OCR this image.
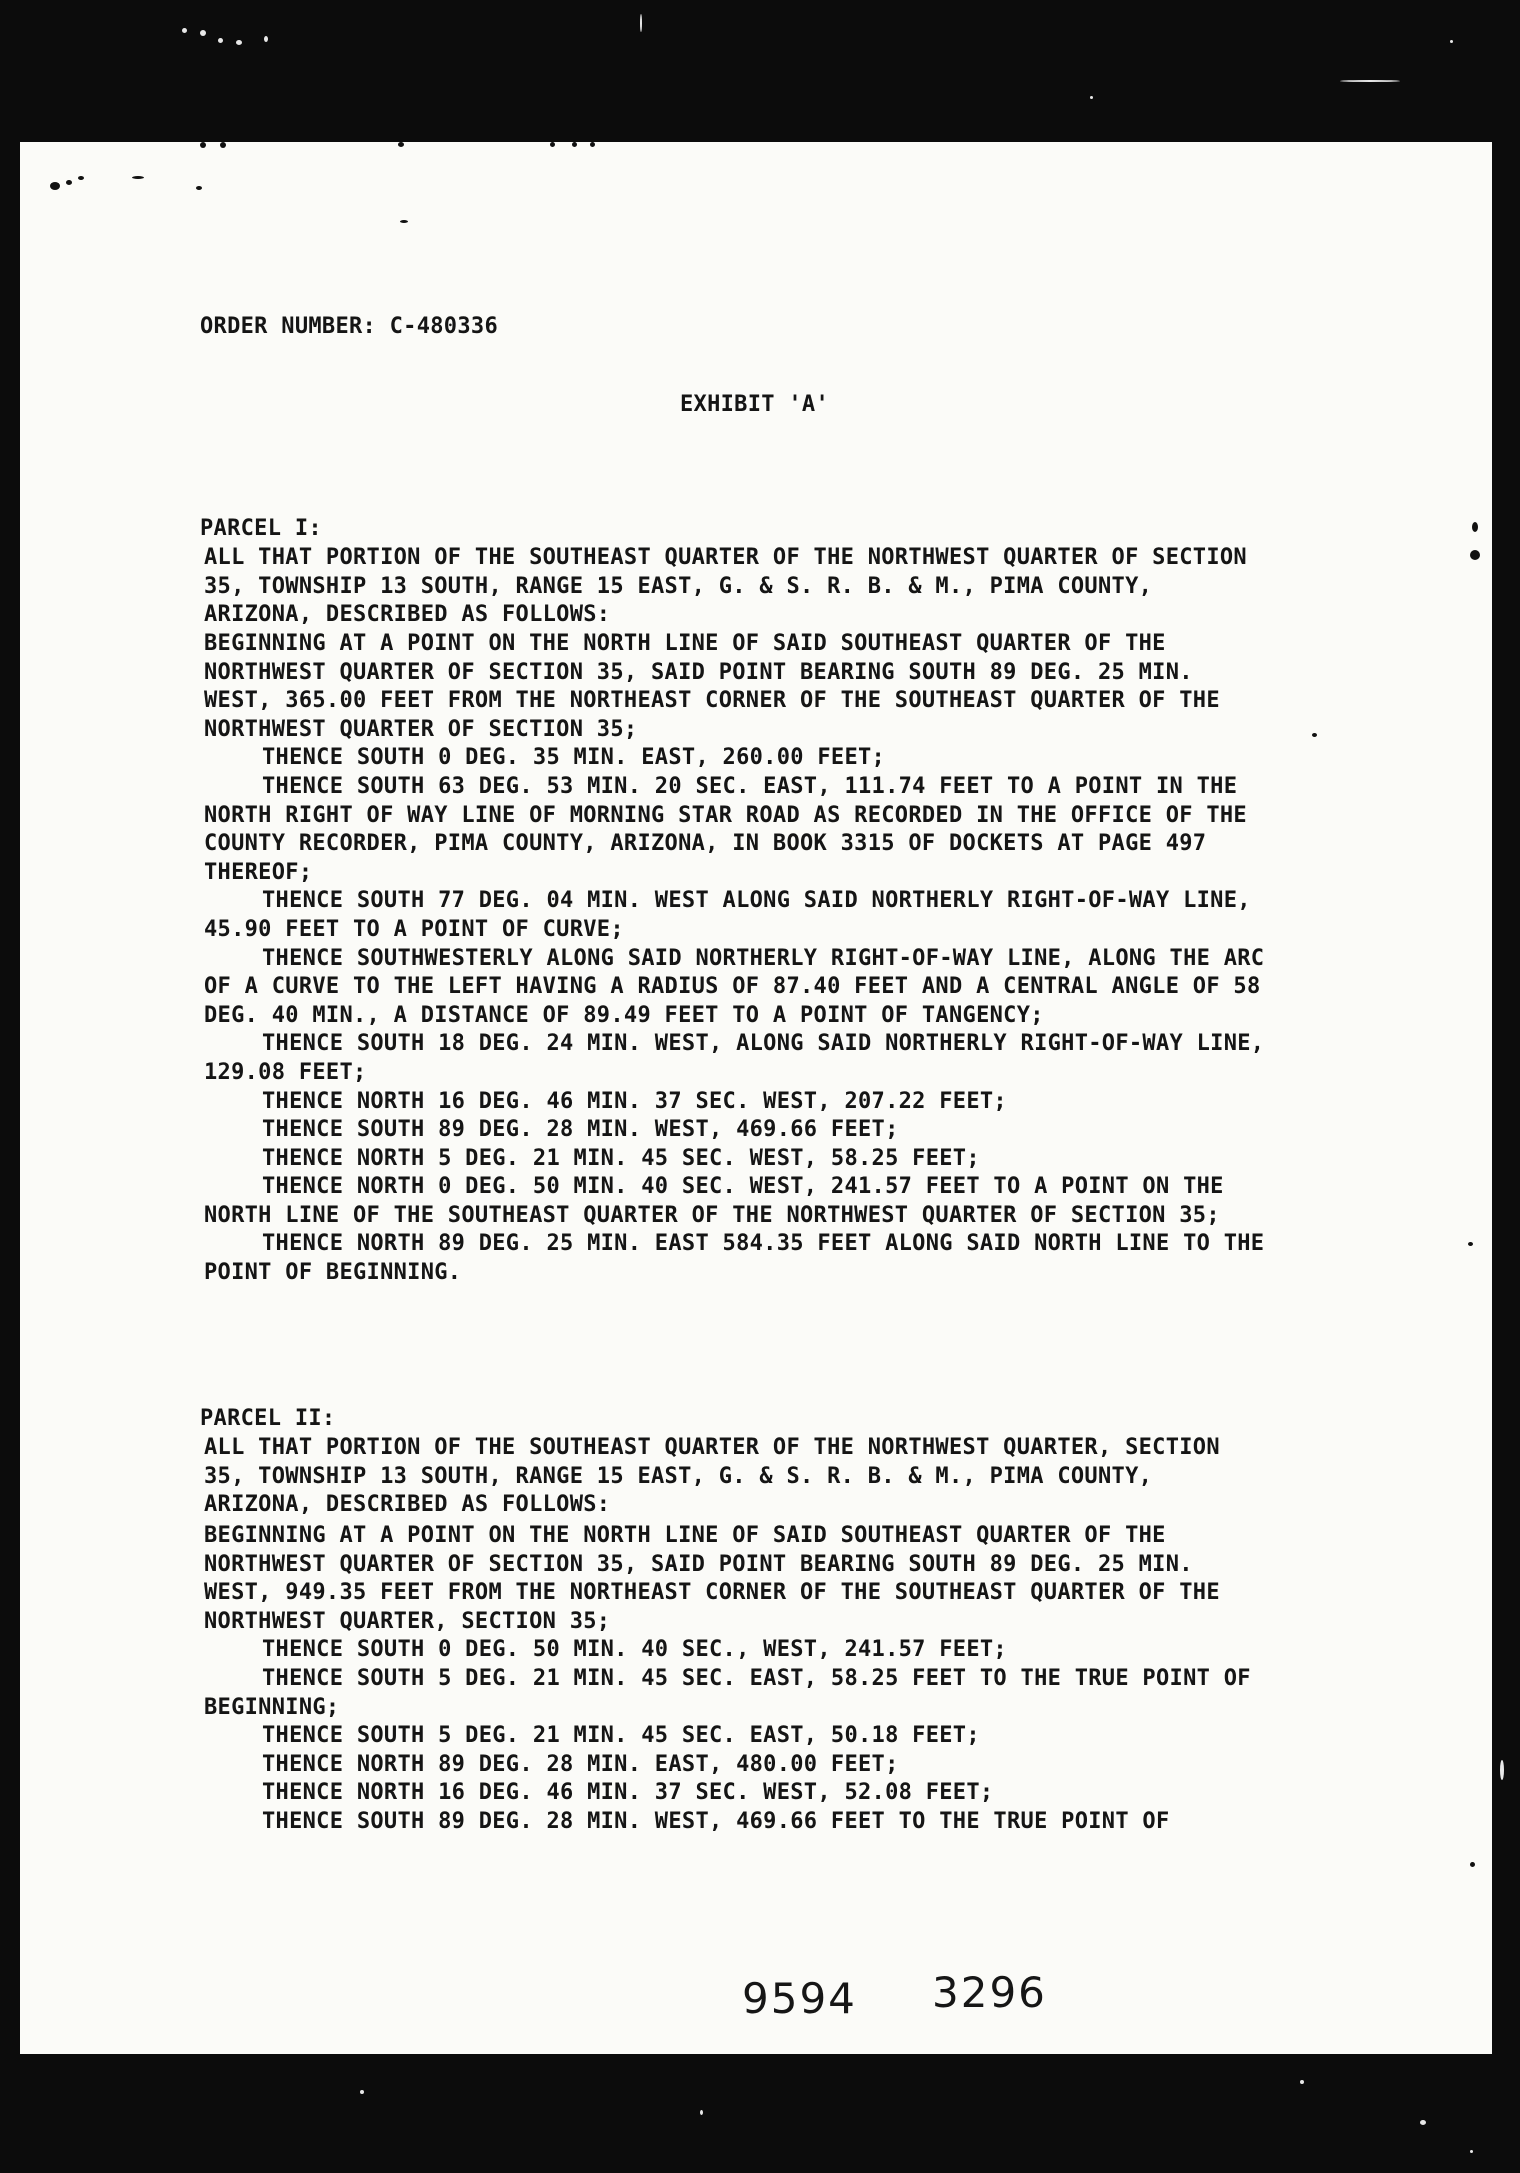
ORDER NUMBER: C-480336
EXHIBIT 'A'
PARCEL I:
ALL THAT PORTION OF THE SOUTHEAST QUARTER OF THE NORTHWEST QUARTER OF SECTION
35, TOWNSHIP 13 SOUTH, RANGE 15 EAST, G. & S. R. B. & M., PIMA COUNTY,
ARIZONA, DESCRIBED AS FOLLOWS:
BEGINNING AT A POINT ON THE NORTH LINE OF SAID SOUTHEAST QUARTER OF THE
NORTHWEST QUARTER OF SECTION 35, SAID POINT BEARING SOUTH 89 DEG. 25 MIN.
WEST, 365.00 FEET FROM THE NORTHEAST CORNER OF THE SOUTHEAST QUARTER OF THE
NORTHWEST QUARTER OF SECTION 35;
THENCE SOUTH 0 DEG. 35 MIN. EAST, 260.00 FEET;
THENCE SOUTH 63 DEG. 53 MIN. 20 SEC. EAST, 111.74 FEET TO A POINT IN THE
NORTH RIGHT OF WAY LINE OF MORNING STAR ROAD AS RECORDED IN THE OFFICE OF THE
COUNTY RECORDER, PIMA COUNTY, ARIZONA, IN BOOK 3315 OF DOCKETS AT PAGE 497
THEREOF;
THENCE SOUTH 77 DEG. 04 MIN. WEST ALONG SAID NORTHERLY RIGHT-OF-WAY LINE,
45.90 FEET TO A POINT OF CURVE;
THENCE SOUTHWESTERLY ALONG SAID NORTHERLY RIGHT-OF-WAY LINE, ALONG THE ARC
OF A CURVE TO THE LEFT HAVING A RADIUS OF 87.40 FEET AND A CENTRAL ANGLE OF 58
DEG. 40 MIN., A DISTANCE OF 89.49 FEET TO A POINT OF TANGENCY;
THENCE SOUTH 18 DEG. 24 MIN. WEST, ALONG SAID NORTHERLY RIGHT-OF-WAY LINE,
129.08 FEET;
THENCE NORTH 16 DEG. 46 MIN. 37 SEC. WEST, 207.22 FEET;
THENCE SOUTH 89 DEG. 28 MIN. WEST, 469.66 FEET;
THENCE NORTH 5 DEG. 21 MIN. 45 SEC. WEST, 58.25 FEET;
THENCE NORTH 0 DEG. 50 MIN. 40 SEC. WEST, 241.57 FEET TO A POINT ON THE
NORTH LINE OF THE SOUTHEAST QUARTER OF THE NORTHWEST QUARTER OF SECTION 35;
THENCE NORTH 89 DEG. 25 MIN. EAST 584.35 FEET ALONG SAID NORTH LINE TO THE
POINT OF BEGINNING.
PARCEL II:
ALL THAT PORTION OF THE SOUTHEAST QUARTER OF THE NORTHWEST QUARTER, SECTION
35, TOWNSHIP 13 SOUTH, RANGE 15 EAST, G. & S. R. B. & M., PIMA COUNTY,
ARIZONA, DESCRIBED AS FOLLOWS:
BEGINNING AT A POINT ON THE NORTH LINE OF SAID SOUTHEAST QUARTER OF THE
NORTHWEST QUARTER OF SECTION 35, SAID POINT BEARING SOUTH 89 DEG. 25 MIN.
WEST, 949.35 FEET FROM THE NORTHEAST CORNER OF THE SOUTHEAST QUARTER OF THE
NORTHWEST QUARTER, SECTION 35;
THENCE SOUTH 0 DEG. 50 MIN. 40 SEC., WEST, 241.57 FEET;
THENCE SOUTH 5 DEG. 21 MIN. 45 SEC. EAST, 58.25 FEET TO THE TRUE POINT OF
BEGINNING;
THENCE SOUTH 5 DEG. 21 MIN. 45 SEC. EAST, 50.18 FEET;
THENCE NORTH 89 DEG. 28 MIN. EAST, 480.00 FEET;
THENCE NORTH 16 DEG. 46 MIN. 37 SEC. WEST, 52.08 FEET;
THENCE SOUTH 89 DEG. 28 MIN. WEST, 469.66 FEET TO THE TRUE POINT OF
9594 3296
